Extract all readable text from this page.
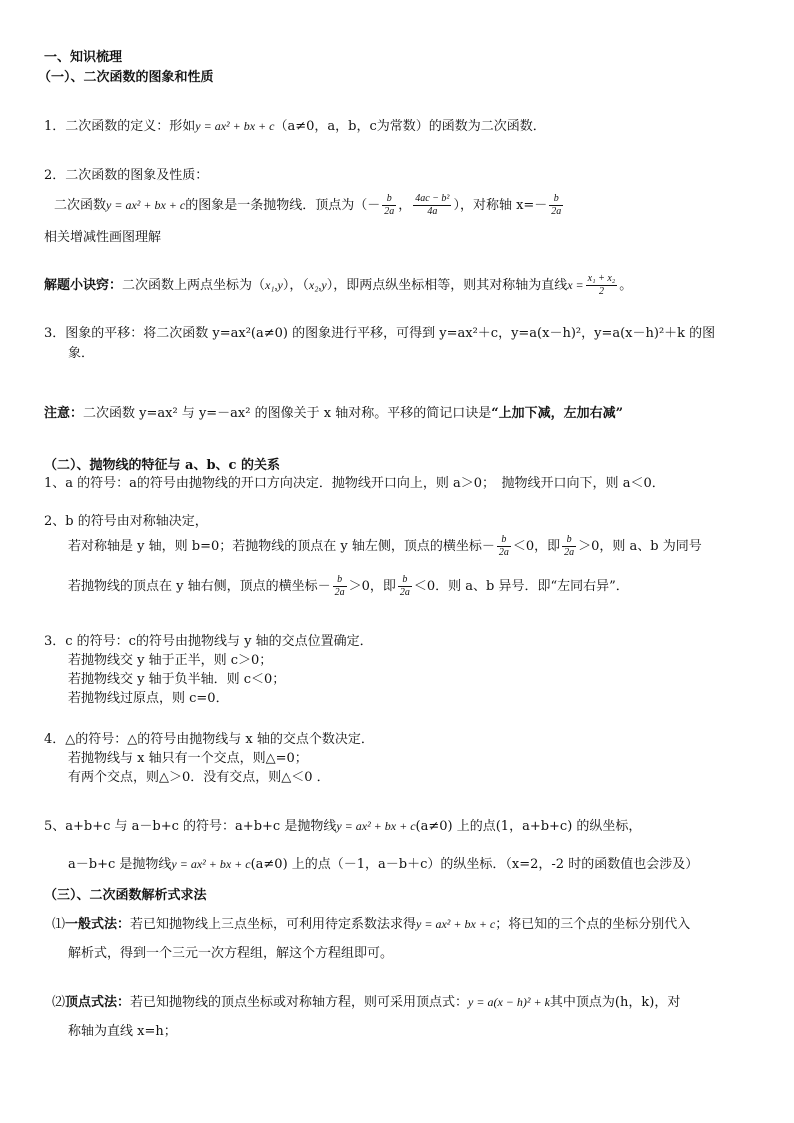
一、知识梳理
（一）、二次函数的图象和性质
1．二次函数的定义：形如y = ax² + bx + c（a≠0，a，b，c为常数）的函数为二次函数．
2．二次函数的图象及性质：
二次函数y = ax² + bx + c的图象是一条抛物线．顶点为（－ $\frac{b}{2a}$ ， $\frac{\text{4ac − b²}}{4a}$ ），对称轴 $x=- \frac{b}{2a}$
相关增减性画图理解
解题小诀窍：二次函数上两点坐标为（x₁,y），（x₂,y），即两点纵坐标相等，则其对称轴为直线$x = \frac{\text{x₁ + x₂}}{2}$ 。
3．图象的平移：将二次函数 y=ax²(a≠0) 的图象进行平移，可得到 y=ax²＋c，y=a(x－h)²，y=a(x－h)²＋k 的图
象．
注意：二次函数 y=ax² 与 y=－ax² 的图像关于 x 轴对称。平移的简记口诀是“上加下减，左加右减”
（二）、抛物线的特征与 a、b、c 的关系
1、a 的符号：a的符号由抛物线的开口方向决定．抛物线开口向上，则 a＞0；　抛物线开口向下，则 a＜0．
2、b 的符号由对称轴决定，
若对称轴是 y 轴，则 b=0；若抛物线的顶点在 y 轴左侧，顶点的横坐标－ $\frac{b}{2a} <0$，即 $\frac{b}{2a} >0$，则 a、b 为同号
若抛物线的顶点在 y 轴右侧，顶点的横坐标－ $\frac{b}{2a} >0$，即 $\frac{b}{2a} <0$．则 a、b 异号．即“左同右异”．
3．c 的符号：c的符号由抛物线与 y 轴的交点位置确定．
若抛物线交 y 轴于正半，则 c＞0；
若抛物线交 y 轴于负半轴．则 c＜0；
若抛物线过原点，则 c=0．
4．△的符号：△的符号由抛物线与 x 轴的交点个数决定．
若抛物线与 x 轴只有一个交点，则△=0；
有两个交点，则△＞0．没有交点，则△＜0 ．
5、a+b+c 与 a－b+c 的符号：a+b+c 是抛物线y = ax² + bx + c(a≠0) 上的点(1，a+b+c) 的纵坐标，
a－b+c 是抛物线y = ax² + bx + c(a≠0) 上的点（－1，a－b＋c）的纵坐标．（x=2，-2 时的函数值也会涉及）
（三）、二次函数解析式求法
⑴一般式法：若已知抛物线上三点坐标，可利用待定系数法求得y = ax² + bx + c；将已知的三个点的坐标分别代入
解析式，得到一个三元一次方程组，解这个方程组即可。
⑵顶点式法：若已知抛物线的顶点坐标或对称轴方程，则可采用顶点式：y = a(x − h)² + k其中顶点为(h，k)，对
称轴为直线 x=h；
